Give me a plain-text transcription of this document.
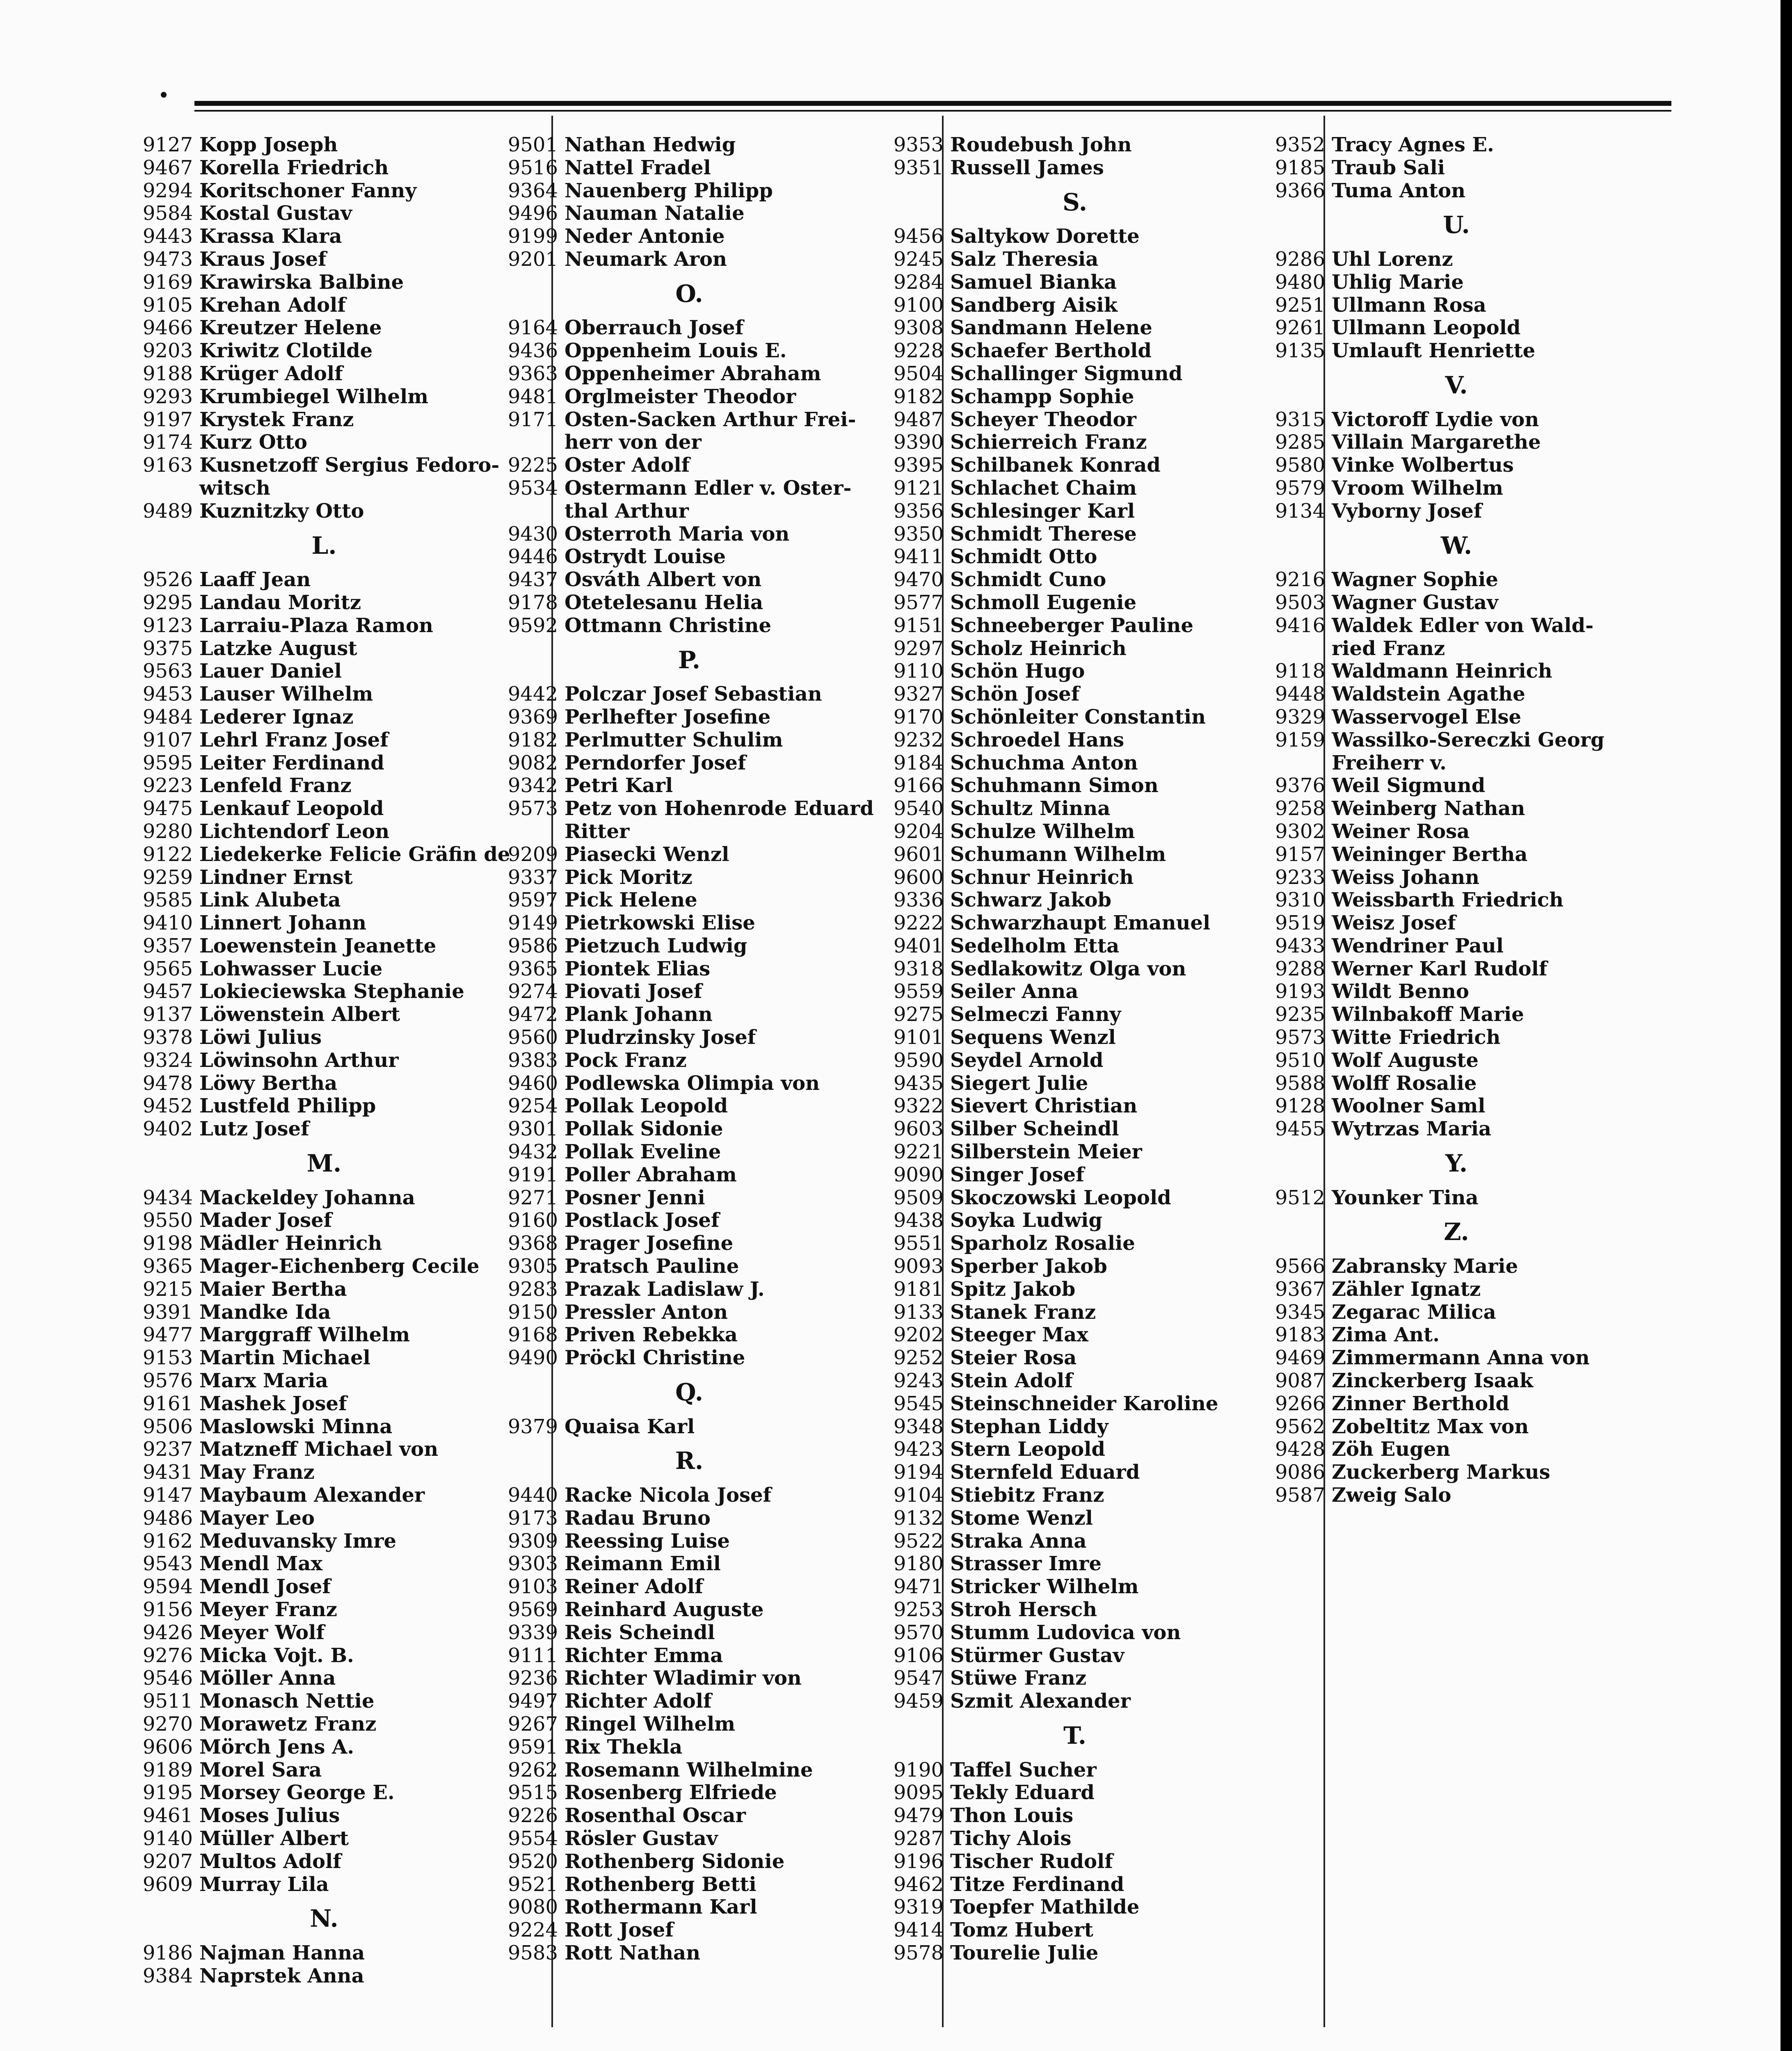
9127 Kopp Joseph
9467 Korella Friedrich
9294 Koritschoner Fanny
9584 Kostal Gustav
9443 Krassa Klara
9473 Kraus Josef
9169 Krawirska Balbine
9105 Krehan Adolf
9466 Kreutzer Helene
9203 Kriwitz Clotilde
9188 Krüger Adolf
9293 Krumbiegel Wilhelm
9197 Krystek Franz
9174 Kurz Otto
9163 Kusnetzoff Sergius Fedoro-
witsch
9489 Kuznitzky Otto
L.
9526 Laaff Jean
9295 Landau Moritz
9123 Larraiu-Plaza Ramon
9375 Latzke August
9563 Lauer Daniel
9453 Lauser Wilhelm
9484 Lederer Ignaz
9107 Lehrl Franz Josef
9595 Leiter Ferdinand
9223 Lenfeld Franz
9475 Lenkauf Leopold
9280 Lichtendorf Leon
9122 Liedekerke Felicie Gräfin de
9259 Lindner Ernst
9585 Link Alubeta
9410 Linnert Johann
9357 Loewenstein Jeanette
9565 Lohwasser Lucie
9457 Lokieciewska Stephanie
9137 Löwenstein Albert
9378 Löwi Julius
9324 Löwinsohn Arthur
9478 Löwy Bertha
9452 Lustfeld Philipp
9402 Lutz Josef
M.
9434 Mackeldey Johanna
9550 Mader Josef
9198 Mädler Heinrich
9365 Mager-Eichenberg Cecile
9215 Maier Bertha
9391 Mandke Ida
9477 Marggraff Wilhelm
9153 Martin Michael
9576 Marx Maria
9161 Mashek Josef
9506 Maslowski Minna
9237 Matzneff Michael von
9431 May Franz
9147 Maybaum Alexander
9486 Mayer Leo
9162 Meduvansky Imre
9543 Mendl Max
9594 Mendl Josef
9156 Meyer Franz
9426 Meyer Wolf
9276 Micka Vojt. B.
9546 Möller Anna
9511 Monasch Nettie
9270 Morawetz Franz
9606 Mörch Jens A.
9189 Morel Sara
9195 Morsey George E.
9461 Moses Julius
9140 Müller Albert
9207 Multos Adolf
9609 Murray Lila
N.
9186 Najman Hanna
9384 Naprstek Anna
9501 Nathan Hedwig
9516 Nattel Fradel
9364 Nauenberg Philipp
9496 Nauman Natalie
9199 Neder Antonie
9201 Neumark Aron
O.
9164 Oberrauch Josef
9436 Oppenheim Louis E.
9363 Oppenheimer Abraham
9481 Orglmeister Theodor
9171 Osten-Sacken Arthur Frei-
herr von der
9225 Oster Adolf
9534 Ostermann Edler v. Oster-
thal Arthur
9430 Osterroth Maria von
9446 Ostrydt Louise
9437 Osváth Albert von
9178 Otetelesanu Helia
9592 Ottmann Christine
P.
9442 Polczar Josef Sebastian
9369 Perlhefter Josefine
9182 Perlmutter Schulim
9082 Perndorfer Josef
9342 Petri Karl
9573 Petz von Hohenrode Eduard
Ritter
9209 Piasecki Wenzl
9337 Pick Moritz
9597 Pick Helene
9149 Pietrkowski Elise
9586 Pietzuch Ludwig
9365 Piontek Elias
9274 Piovati Josef
9472 Plank Johann
9560 Pludrzinsky Josef
9383 Pock Franz
9460 Podlewska Olimpia von
9254 Pollak Leopold
9301 Pollak Sidonie
9432 Pollak Eveline
9191 Poller Abraham
9271 Posner Jenni
9160 Postlack Josef
9368 Prager Josefine
9305 Pratsch Pauline
9283 Prazak Ladislaw J.
9150 Pressler Anton
9168 Priven Rebekka
9490 Pröckl Christine
Q.
9379 Quaisa Karl
R.
9440 Racke Nicola Josef
9173 Radau Bruno
9309 Reessing Luise
9303 Reimann Emil
9103 Reiner Adolf
9569 Reinhard Auguste
9339 Reis Scheindl
9111 Richter Emma
9236 Richter Wladimir von
9497 Richter Adolf
9267 Ringel Wilhelm
9591 Rix Thekla
9262 Rosemann Wilhelmine
9515 Rosenberg Elfriede
9226 Rosenthal Oscar
9554 Rösler Gustav
9520 Rothenberg Sidonie
9521 Rothenberg Betti
9080 Rothermann Karl
9224 Rott Josef
9583 Rott Nathan
9353 Roudebush John
9351 Russell James
S.
9456 Saltykow Dorette
9245 Salz Theresia
9284 Samuel Bianka
9100 Sandberg Aisik
9308 Sandmann Helene
9228 Schaefer Berthold
9504 Schallinger Sigmund
9182 Schampp Sophie
9487 Scheyer Theodor
9390 Schierreich Franz
9395 Schilbanek Konrad
9121 Schlachet Chaim
9356 Schlesinger Karl
9350 Schmidt Therese
9411 Schmidt Otto
9470 Schmidt Cuno
9577 Schmoll Eugenie
9151 Schneeberger Pauline
9297 Scholz Heinrich
9110 Schön Hugo
9327 Schön Josef
9170 Schönleiter Constantin
9232 Schroedel Hans
9184 Schuchma Anton
9166 Schuhmann Simon
9540 Schultz Minna
9204 Schulze Wilhelm
9601 Schumann Wilhelm
9600 Schnur Heinrich
9336 Schwarz Jakob
9222 Schwarzhaupt Emanuel
9401 Sedelholm Etta
9318 Sedlakowitz Olga von
9559 Seiler Anna
9275 Selmeczi Fanny
9101 Sequens Wenzl
9590 Seydel Arnold
9435 Siegert Julie
9322 Sievert Christian
9603 Silber Scheindl
9221 Silberstein Meier
9090 Singer Josef
9509 Skoczowski Leopold
9438 Soyka Ludwig
9551 Sparholz Rosalie
9093 Sperber Jakob
9181 Spitz Jakob
9133 Stanek Franz
9202 Steeger Max
9252 Steier Rosa
9243 Stein Adolf
9545 Steinschneider Karoline
9348 Stephan Liddy
9423 Stern Leopold
9194 Sternfeld Eduard
9104 Stiebitz Franz
9132 Stome Wenzl
9522 Straka Anna
9180 Strasser Imre
9471 Stricker Wilhelm
9253 Stroh Hersch
9570 Stumm Ludovica von
9106 Stürmer Gustav
9547 Stüwe Franz
9459 Szmit Alexander
T.
9190 Taffel Sucher
9095 Tekly Eduard
9479 Thon Louis
9287 Tichy Alois
9196 Tischer Rudolf
9462 Titze Ferdinand
9319 Toepfer Mathilde
9414 Tomz Hubert
9578 Tourelie Julie
9352 Tracy Agnes E.
9185 Traub Sali
9366 Tuma Anton
U.
9286 Uhl Lorenz
9480 Uhlig Marie
9251 Ullmann Rosa
9261 Ullmann Leopold
9135 Umlauft Henriette
V.
9315 Victoroff Lydie von
9285 Villain Margarethe
9580 Vinke Wolbertus
9579 Vroom Wilhelm
9134 Vyborny Josef
W.
9216 Wagner Sophie
9503 Wagner Gustav
9416 Waldek Edler von Wald-
ried Franz
9118 Waldmann Heinrich
9448 Waldstein Agathe
9329 Wasservogel Else
9159 Wassilko-Sereczki Georg
Freiherr v.
9376 Weil Sigmund
9258 Weinberg Nathan
9302 Weiner Rosa
9157 Weininger Bertha
9233 Weiss Johann
9310 Weissbarth Friedrich
9519 Weisz Josef
9433 Wendriner Paul
9288 Werner Karl Rudolf
9193 Wildt Benno
9235 Wilnbakoff Marie
9573 Witte Friedrich
9510 Wolf Auguste
9588 Wolff Rosalie
9128 Woolner Saml
9455 Wytrzas Maria
Y.
9512 Younker Tina
Z.
9566 Zabransky Marie
9367 Zähler Ignatz
9345 Zegarac Milica
9183 Zima Ant.
9469 Zimmermann Anna von
9087 Zinckerberg Isaak
9266 Zinner Berthold
9562 Zobeltitz Max von
9428 Zöh Eugen
9086 Zuckerberg Markus
9587 Zweig Salo
